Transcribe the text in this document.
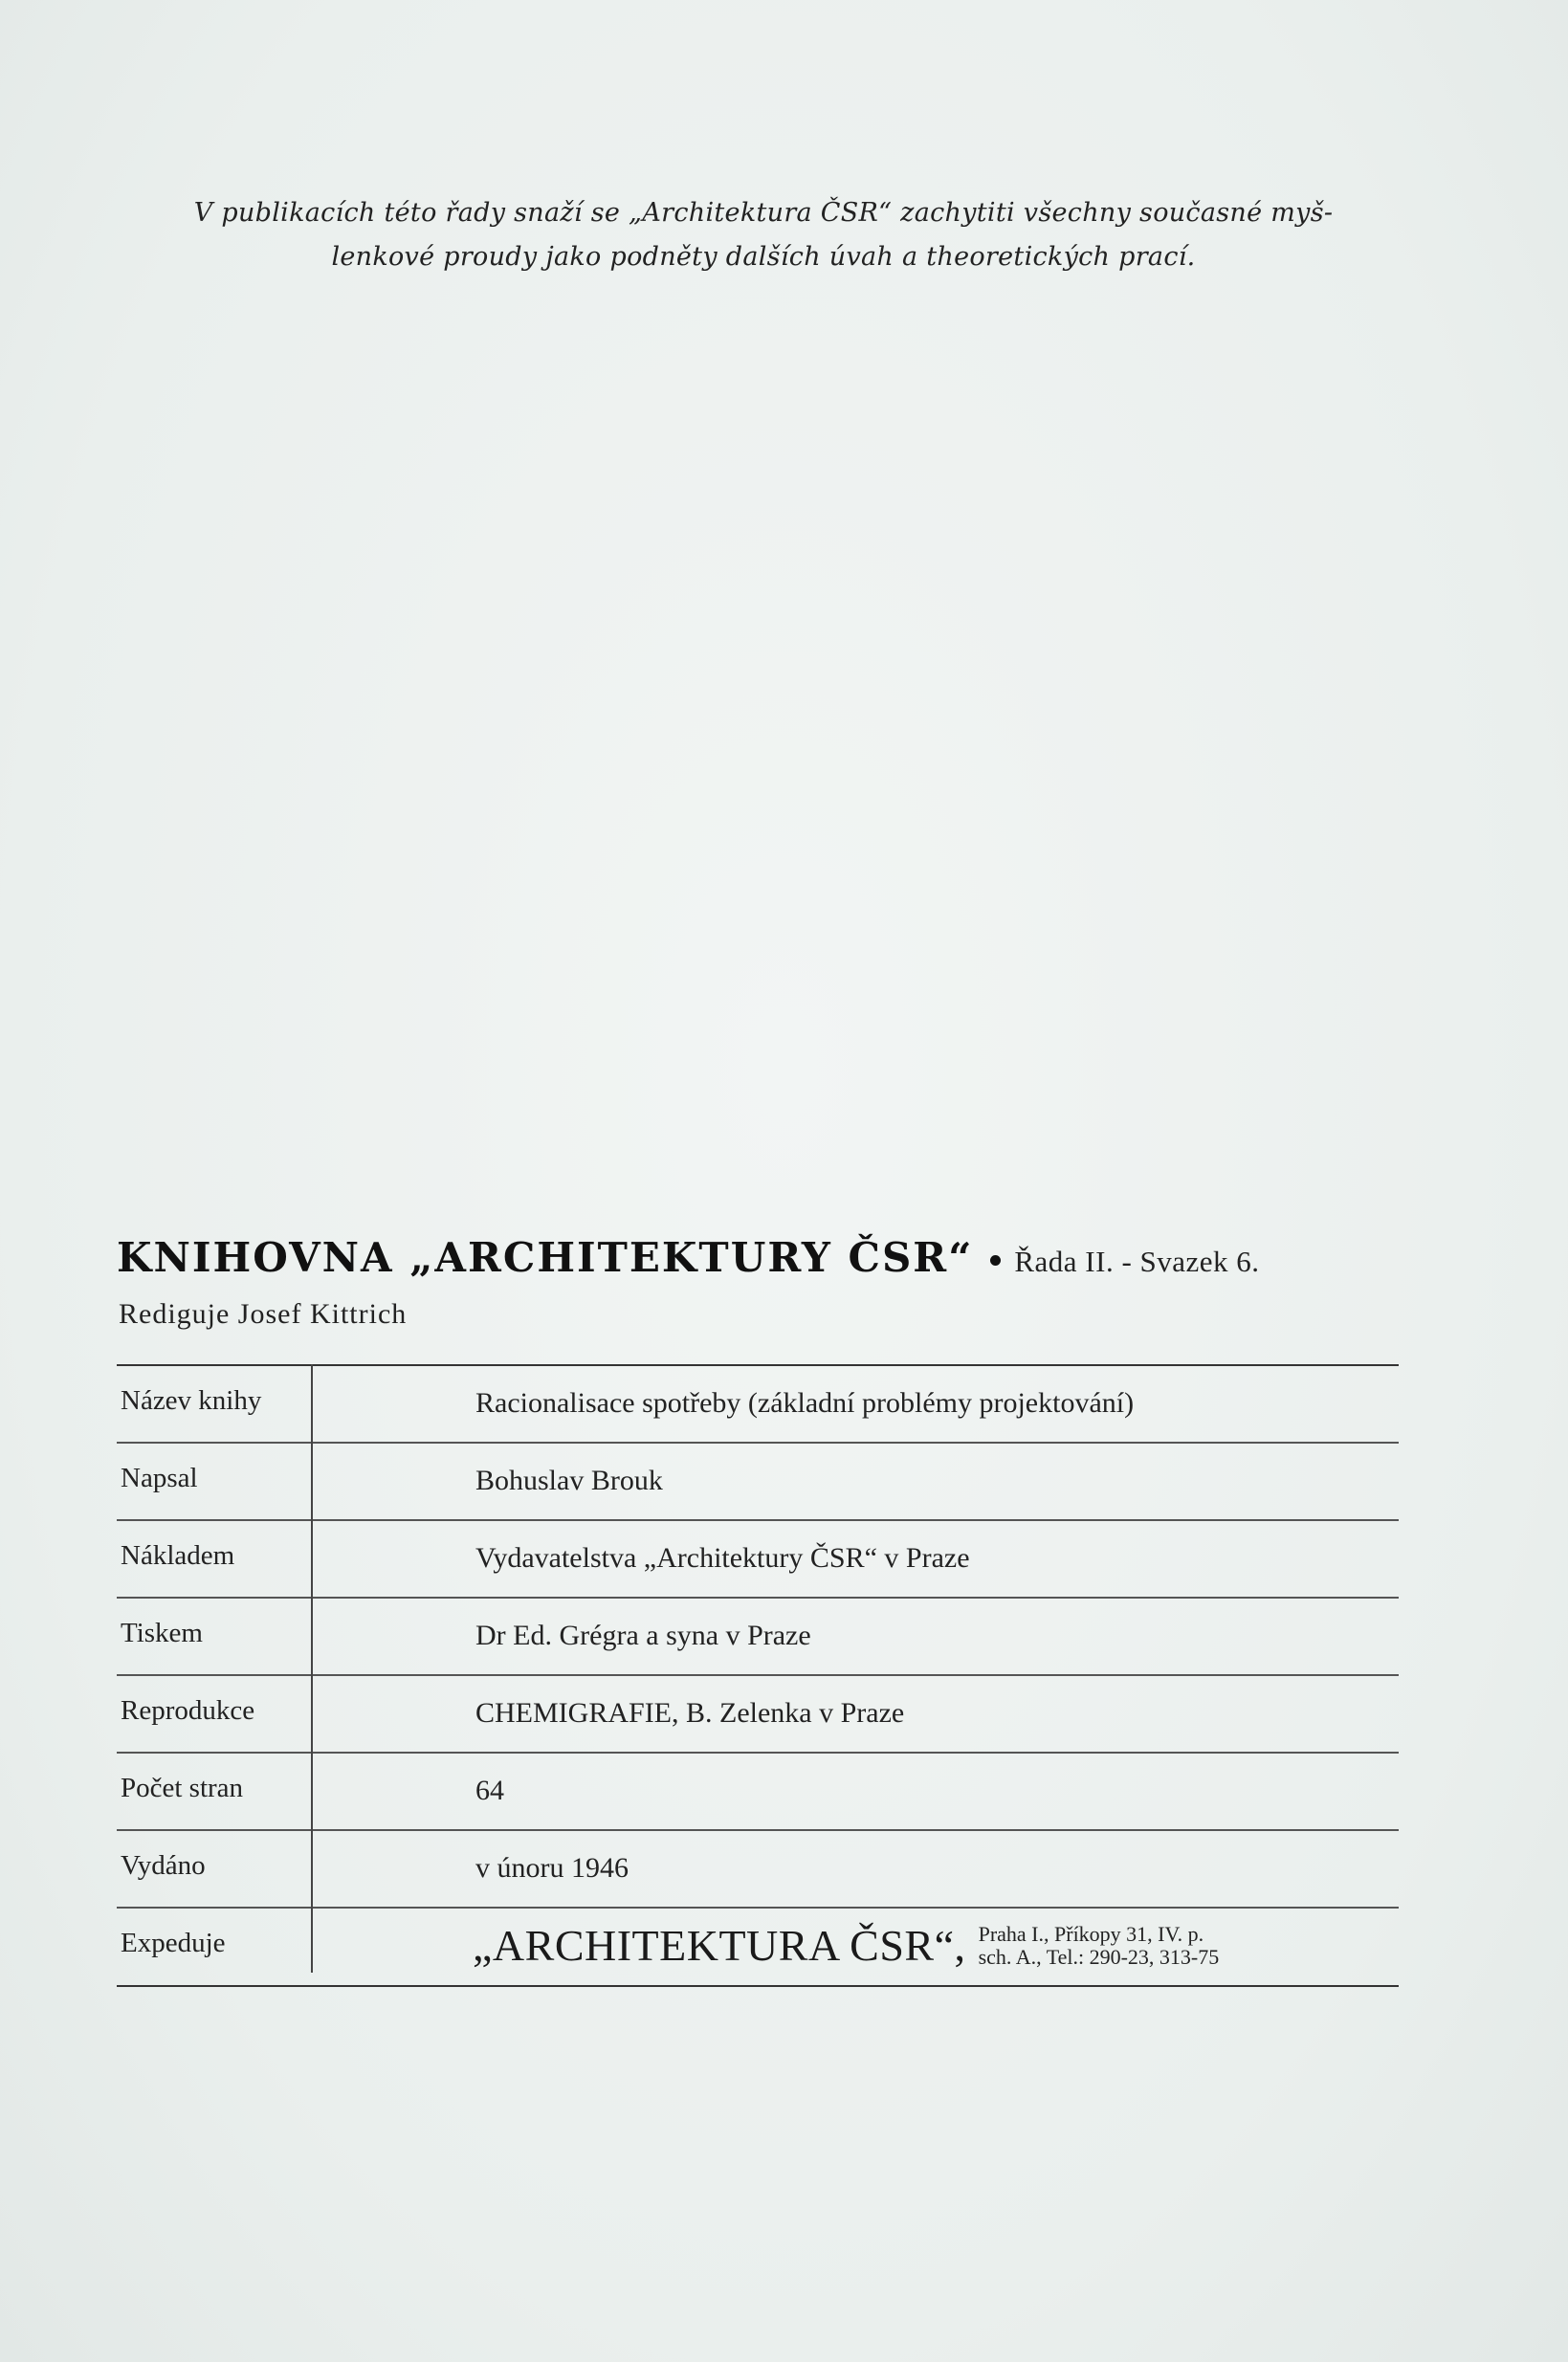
V publikacích této řady snaží se „Architektura ČSR“ zachytiti všechny současné myš-
lenkové proudy jako podněty dalších úvah a theoretických prací.
KNIHOVNA „ARCHITEKTURY ČSR“ Řada II. - Svazek 6.
Rediguje Josef Kittrich
Název knihy	Racionalisace spotřeby (základní problémy projektování)
Napsal	Bohuslav Brouk
Nákladem	Vydavatelstva „Architektury ČSR“ v Praze
Tiskem	Dr Ed. Grégra a syna v Praze
Reprodukce	CHEMIGRAFIE, B. Zelenka v Praze
Počet stran	64
Vydáno	v únoru 1946
Expeduje	„ARCHITEKTURA ČSR“, Praha I., Příkopy 31, IV. p.
sch. A., Tel.: 290-23, 313-75
